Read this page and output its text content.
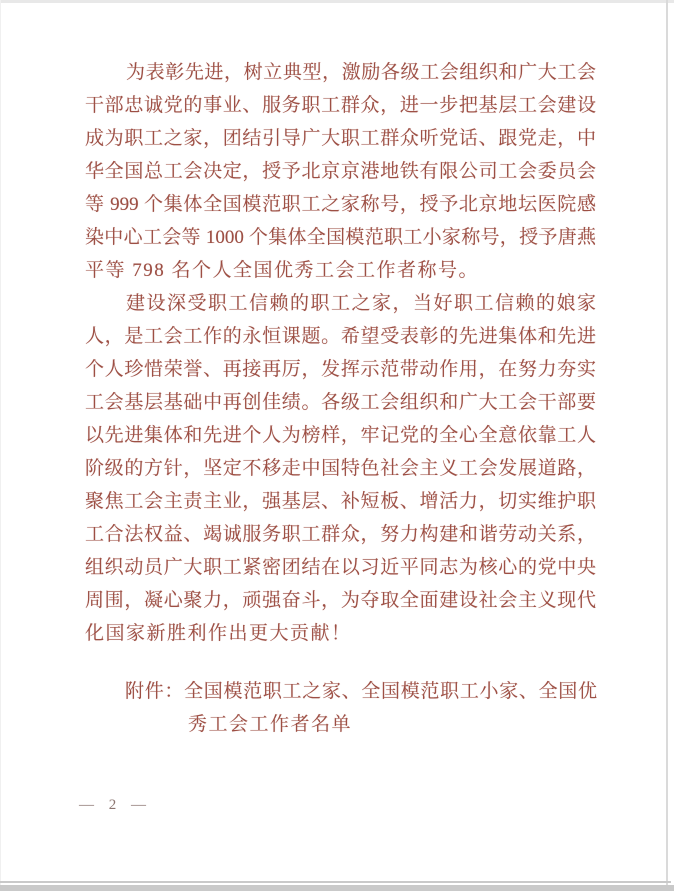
为表彰先进，树立典型，激励各级工会组织和广大工会
干部忠诚党的事业、服务职工群众，进一步把基层工会建设
成为职工之家，团结引导广大职工群众听党话、跟党走，中
华全国总工会决定，授予北京京港地铁有限公司工会委员会
等 999 个集体全国模范职工之家称号，授予北京地坛医院感
染中心工会等 1000 个集体全国模范职工小家称号，授予唐燕
平等 798 名个人全国优秀工会工作者称号。
建设深受职工信赖的职工之家，当好职工信赖的娘家
人，是工会工作的永恒课题。希望受表彰的先进集体和先进
个人珍惜荣誉、再接再厉，发挥示范带动作用，在努力夯实
工会基层基础中再创佳绩。各级工会组织和广大工会干部要
以先进集体和先进个人为榜样，牢记党的全心全意依靠工人
阶级的方针，坚定不移走中国特色社会主义工会发展道路，
聚焦工会主责主业，强基层、补短板、增活力，切实维护职
工合法权益、竭诚服务职工群众，努力构建和谐劳动关系，
组织动员广大职工紧密团结在以习近平同志为核心的党中央
周围，凝心聚力，顽强奋斗，为夺取全面建设社会主义现代
化国家新胜利作出更大贡献！
附件：全国模范职工之家、全国模范职工小家、全国优
秀工会工作者名单
— 2 —
